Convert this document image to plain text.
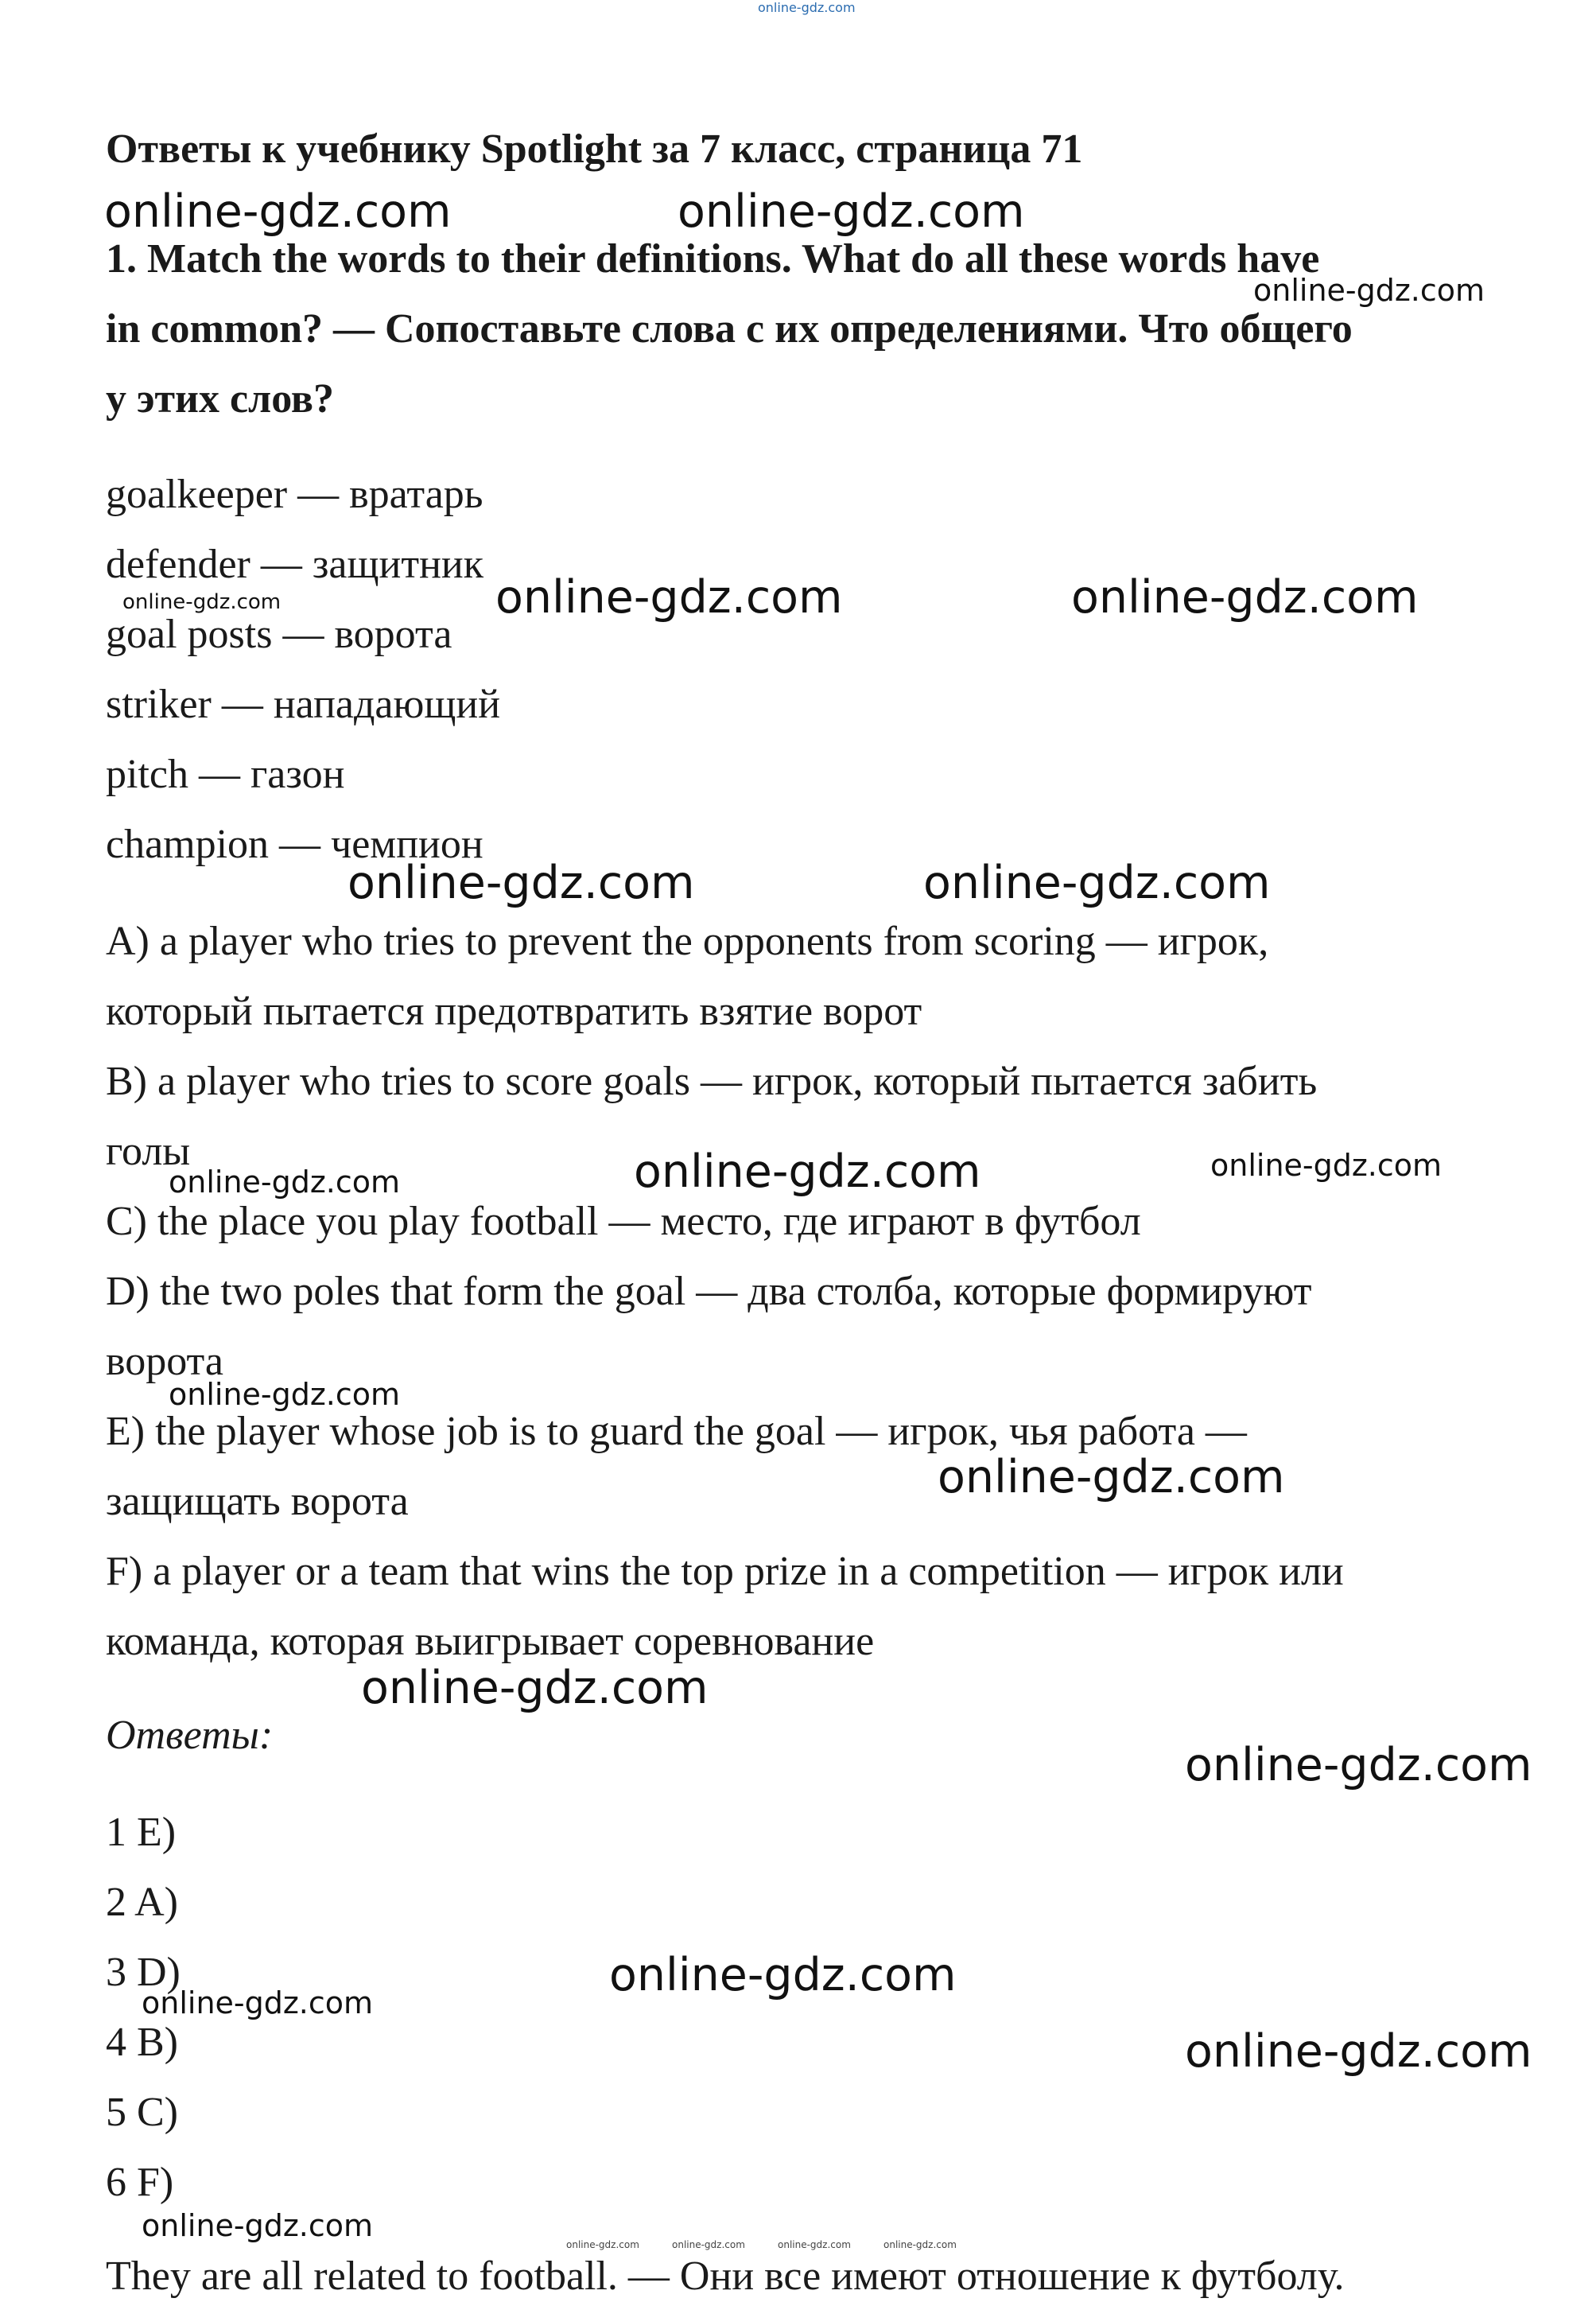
online-gdz.com
Ответы к учебнику Spotlight за 7 класс, страница 71

1. Match the words to their definitions. What do all these words have

in common? — Сопоставьте слова с их определениями. Что общего

у этих слов?

goalkeeper — вратарь

defender — защитник

goal posts — ворота

striker — нападающий

pitch — газон

champion — чемпион

A) a player who tries to prevent the opponents from scoring — игрок,

который пытается предотвратить взятие ворот

B) a player who tries to score goals — игрок, который пытается забить

голы

C) the place you play football — место, где играют в футбол

D) the two poles that form the goal — два столба, которые формируют

ворота

E) the player whose job is to guard the goal — игрок, чья работа —

защищать ворота

F) a player or a team that wins the top prize in a competition — игрок или

команда, которая выигрывает соревнование

Ответы:

1 E)

2 A)

3 D)

4 B)

5 C)

6 F)

They are all related to football. — Они все имеют отношение к футболу.

online-gdz.com	online-gdz.com
online-gdz.com
online-gdz.com	online-gdz.com	online-gdz.com
online-gdz.com	online-gdz.com
online-gdz.com	online-gdz.com	online-gdz.com
online-gdz.com
online-gdz.com
online-gdz.com
online-gdz.com
online-gdz.com
online-gdz.com
online-gdz.com
online-gdz.com
online-gdz.com	online-gdz.com	online-gdz.com	online-gdz.com
